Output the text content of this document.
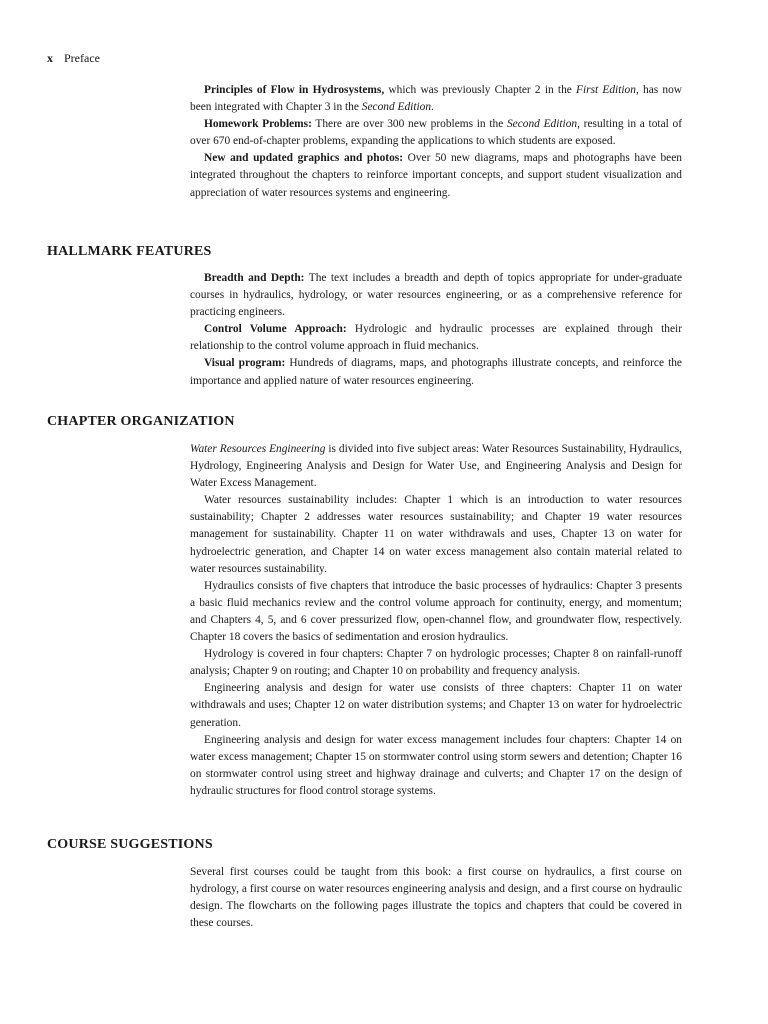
x Preface

Principles of Flow in Hydrosystems, which was previously Chapter 2 in the First Edition, has now been integrated with Chapter 3 in the Second Edition.

Homework Problems: There are over 300 new problems in the Second Edition, resulting in a total of over 670 end-of-chapter problems, expanding the applications to which students are exposed.

New and updated graphics and photos: Over 50 new diagrams, maps and photographs have been integrated throughout the chapters to reinforce important concepts, and support student visualization and appreciation of water resources systems and engineering.

HALLMARK FEATURES

Breadth and Depth: The text includes a breadth and depth of topics appropriate for under-graduate courses in hydraulics, hydrology, or water resources engineering, or as a comprehensive reference for practicing engineers.

Control Volume Approach: Hydrologic and hydraulic processes are explained through their relationship to the control volume approach in fluid mechanics.

Visual program: Hundreds of diagrams, maps, and photographs illustrate concepts, and reinforce the importance and applied nature of water resources engineering.

CHAPTER ORGANIZATION

Water Resources Engineering is divided into five subject areas: Water Resources Sustainability, Hydraulics, Hydrology, Engineering Analysis and Design for Water Use, and Engineering Analysis and Design for Water Excess Management.

Water resources sustainability includes: Chapter 1 which is an introduction to water resources sustainability; Chapter 2 addresses water resources sustainability; and Chapter 19 water resources management for sustainability. Chapter 11 on water withdrawals and uses, Chapter 13 on water for hydroelectric generation, and Chapter 14 on water excess management also contain material related to water resources sustainability.

Hydraulics consists of five chapters that introduce the basic processes of hydraulics: Chapter 3 presents a basic fluid mechanics review and the control volume approach for continuity, energy, and momentum; and Chapters 4, 5, and 6 cover pressurized flow, open-channel flow, and groundwater flow, respectively. Chapter 18 covers the basics of sedimentation and erosion hydraulics.

Hydrology is covered in four chapters: Chapter 7 on hydrologic processes; Chapter 8 on rainfall-runoff analysis; Chapter 9 on routing; and Chapter 10 on probability and frequency analysis.

Engineering analysis and design for water use consists of three chapters: Chapter 11 on water withdrawals and uses; Chapter 12 on water distribution systems; and Chapter 13 on water for hydroelectric generation.

Engineering analysis and design for water excess management includes four chapters: Chapter 14 on water excess management; Chapter 15 on stormwater control using storm sewers and detention; Chapter 16 on stormwater control using street and highway drainage and culverts; and Chapter 17 on the design of hydraulic structures for flood control storage systems.

COURSE SUGGESTIONS

Several first courses could be taught from this book: a first course on hydraulics, a first course on hydrology, a first course on water resources engineering analysis and design, and a first course on hydraulic design. The flowcharts on the following pages illustrate the topics and chapters that could be covered in these courses.
